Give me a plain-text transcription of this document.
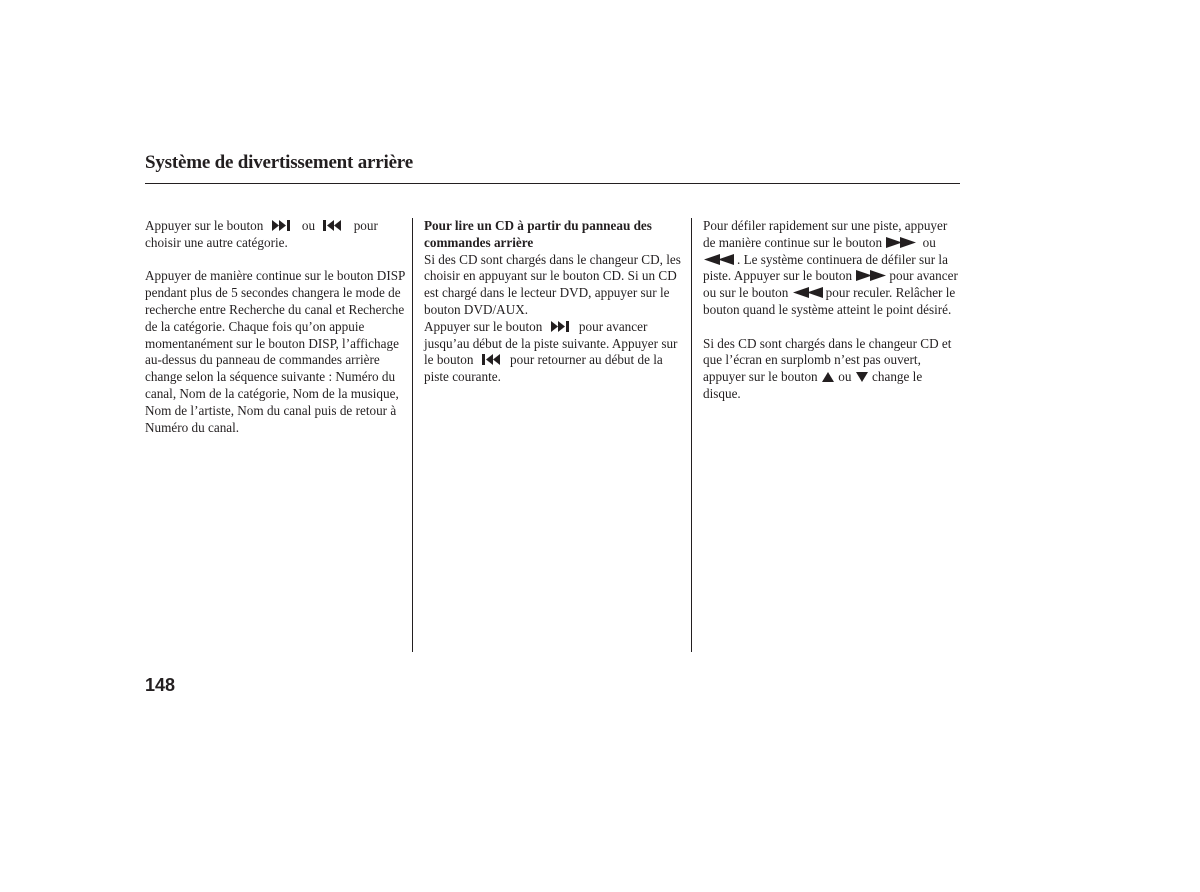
Système de divertissement arrière

Appuyer sur le bouton	ou	pour choisir une autre catégorie.

Appuyer de manière continue sur le bouton DISP pendant plus de 5 secondes changera le mode de recherche entre Recherche du canal et Recherche de la catégorie. Chaque fois qu’on appuie momentanément sur le bouton DISP, l’affichage au-dessus du panneau de commandes arrière change selon la séquence suivante : Numéro du canal, Nom de la catégorie, Nom de la musique, Nom de l’artiste, Nom du canal puis de retour à Numéro du canal.

Pour lire un CD à partir du panneau des commandes arrière

Si des CD sont chargés dans le changeur CD, les choisir en appuyant sur le bouton CD. Si un CD est chargé dans le lecteur DVD, appuyer sur le bouton DVD/AUX.

Appuyer sur le bouton	pour avancer jusqu’au début de la piste suivante. Appuyer sur le bouton	pour retourner au début de la piste courante.

Pour défiler rapidement sur une piste, appuyer de manière continue sur le bouton	ou
. Le système continuera de défiler sur la piste. Appuyer sur le bouton	pour avancer ou sur le bouton	pour reculer. Relâcher le bouton quand le système atteint le point désiré.

Si des CD sont chargés dans le changeur CD et que l’écran en surplomb n’est pas ouvert, appuyer sur le bouton ou change le disque.

148
